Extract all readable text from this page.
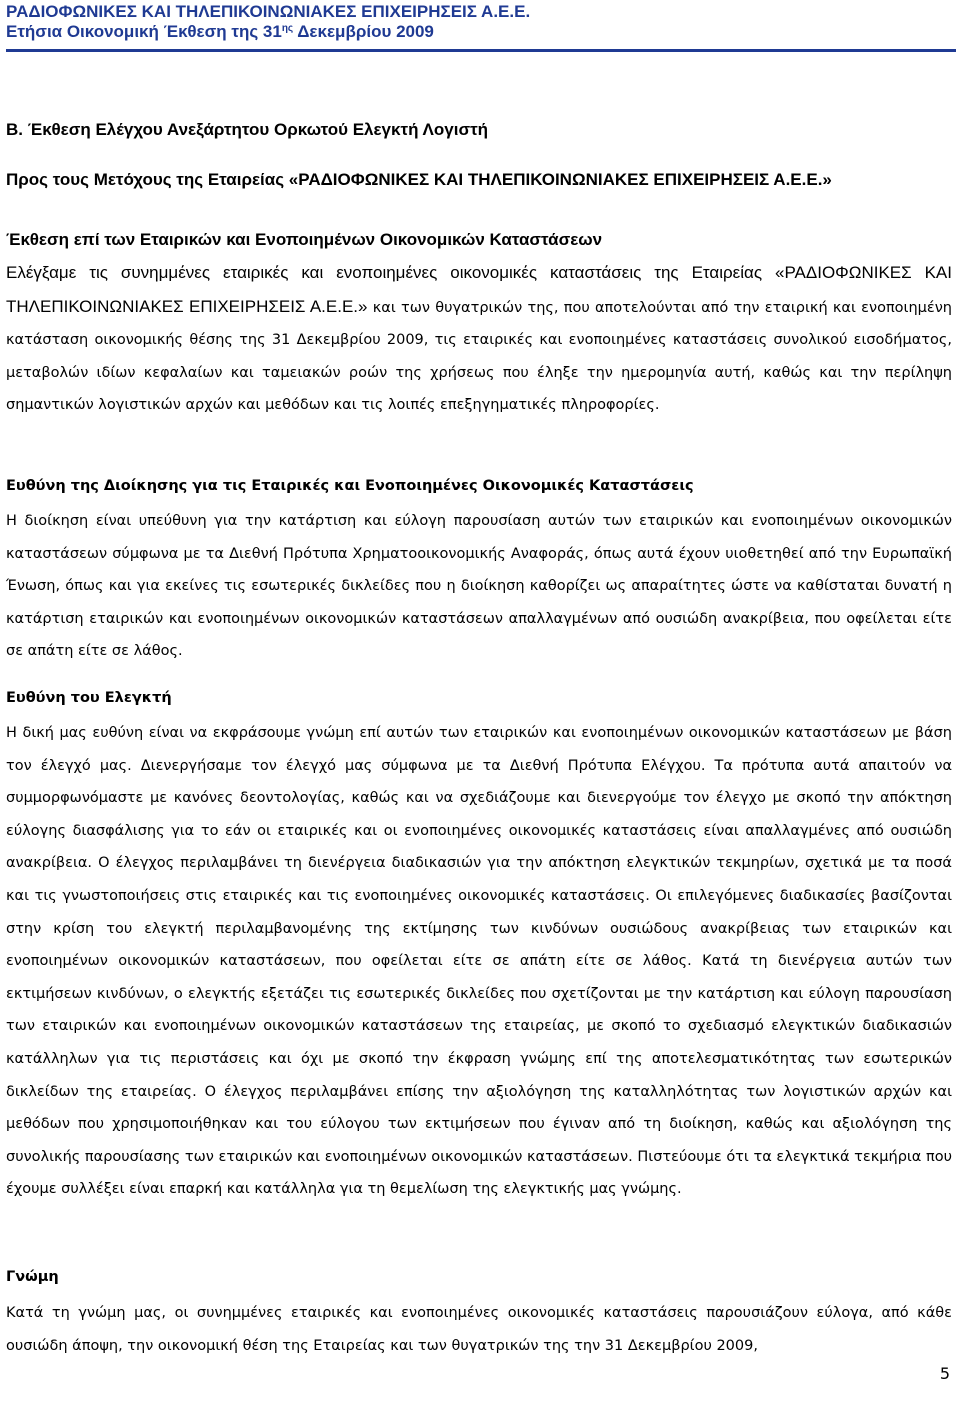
ΡΑΔΙΟΦΩΝΙΚΕΣ ΚΑΙ ΤΗΛΕΠΙΚΟΙΝΩΝΙΑΚΕΣ ΕΠΙΧΕΙΡΗΣΕΙΣ Α.Ε.Ε.
Ετήσια Οικονομική Έκθεση της $31^{\eta\varsigma}$ Δεκεμβρίου 2009
Β. Έκθεση Ελέγχου Ανεξάρτητου Ορκωτού Ελεγκτή Λογιστή
Προς τους Μετόχους της Εταιρείας «ΡΑΔΙΟΦΩΝΙΚΕΣ ΚΑΙ ΤΗΛΕΠΙΚΟΙΝΩΝΙΑΚΕΣ ΕΠΙΧΕΙΡΗΣΕΙΣ Α.Ε.Ε.»
Έκθεση επί των Εταιρικών και Ενοποιημένων Οικονομικών Καταστάσεων
Ελέγξαμε τις συνημμένες εταιρικές και ενοποιημένες οικονομικές καταστάσεις της Εταιρείας «ΡΑΔΙΟΦΩΝΙΚΕΣ ΚΑΙ ΤΗΛΕΠΙΚΟΙΝΩΝΙΑΚΕΣ ΕΠΙΧΕΙΡΗΣΕΙΣ Α.Ε.Ε.» και των θυγατρικών της, που αποτελούνται από την εταιρική και ενοποιημένη κατάσταση οικονομικής θέσης της 31 Δεκεμβρίου 2009, τις εταιρικές και ενοποιημένες καταστάσεις συνολικού εισοδήματος, μεταβολών ιδίων κεφαλαίων και ταμειακών ροών της χρήσεως που έληξε την ημερομηνία αυτή, καθώς και την περίληψη σημαντικών λογιστικών αρχών και μεθόδων και τις λοιπές επεξηγηματικές πληροφορίες.
Ευθύνη της Διοίκησης για τις Εταιρικές και Ενοποιημένες Οικονομικές Καταστάσεις
Η διοίκηση είναι υπεύθυνη για την κατάρτιση και εύλογη παρουσίαση αυτών των εταιρικών και ενοποιημένων οικονομικών καταστάσεων σύμφωνα με τα Διεθνή Πρότυπα Χρηματοοικονομικής Αναφοράς, όπως αυτά έχουν υιοθετηθεί από την Ευρωπαϊκή Ένωση, όπως και για εκείνες τις εσωτερικές δικλείδες που η διοίκηση καθορίζει ως απαραίτητες ώστε να καθίσταται δυνατή η κατάρτιση εταιρικών και ενοποιημένων οικονομικών καταστάσεων απαλλαγμένων από ουσιώδη ανακρίβεια, που οφείλεται είτε σε απάτη είτε σε λάθος.
Ευθύνη του Ελεγκτή
Η δική μας ευθύνη είναι να εκφράσουμε γνώμη επί αυτών των εταιρικών και ενοποιημένων οικονομικών καταστάσεων με βάση τον έλεγχό μας. Διενεργήσαμε τον έλεγχό μας σύμφωνα με τα Διεθνή Πρότυπα Ελέγχου. Τα πρότυπα αυτά απαιτούν να συμμορφωνόμαστε με κανόνες δεοντολογίας, καθώς και να σχεδιάζουμε και διενεργούμε τον έλεγχο με σκοπό την απόκτηση εύλογης διασφάλισης για το εάν οι εταιρικές και οι ενοποιημένες οικονομικές καταστάσεις είναι απαλλαγμένες από ουσιώδη ανακρίβεια. Ο έλεγχος περιλαμβάνει τη διενέργεια διαδικασιών για την απόκτηση ελεγκτικών τεκμηρίων, σχετικά με τα ποσά και τις γνωστοποιήσεις στις εταιρικές και τις ενοποιημένες οικονομικές καταστάσεις. Οι επιλεγόμενες διαδικασίες βασίζονται στην κρίση του ελεγκτή περιλαμβανομένης της εκτίμησης των κινδύνων ουσιώδους ανακρίβειας των εταιρικών και ενοποιημένων οικονομικών καταστάσεων, που οφείλεται είτε σε απάτη είτε σε λάθος. Κατά τη διενέργεια αυτών των εκτιμήσεων κινδύνων, ο ελεγκτής εξετάζει τις εσωτερικές δικλείδες που σχετίζονται με την κατάρτιση και εύλογη παρουσίαση των εταιρικών και ενοποιημένων οικονομικών καταστάσεων της εταιρείας, με σκοπό το σχεδιασμό ελεγκτικών διαδικασιών κατάλληλων για τις περιστάσεις και όχι με σκοπό την έκφραση γνώμης επί της αποτελεσματικότητας των εσωτερικών δικλείδων της εταιρείας. Ο έλεγχος περιλαμβάνει επίσης την αξιολόγηση της καταλληλότητας των λογιστικών αρχών και μεθόδων που χρησιμοποιήθηκαν και του εύλογου των εκτιμήσεων που έγιναν από τη διοίκηση, καθώς και αξιολόγηση της συνολικής παρουσίασης των εταιρικών και ενοποιημένων οικονομικών καταστάσεων. Πιστεύουμε ότι τα ελεγκτικά τεκμήρια που έχουμε συλλέξει είναι επαρκή και κατάλληλα για τη θεμελίωση της ελεγκτικής μας γνώμης.
Γνώμη
Κατά τη γνώμη μας, οι συνημμένες εταιρικές και ενοποιημένες οικονομικές καταστάσεις παρουσιάζουν εύλογα, από κάθε ουσιώδη άποψη, την οικονομική θέση της Εταιρείας και των θυγατρικών της την 31 Δεκεμβρίου 2009,
5
